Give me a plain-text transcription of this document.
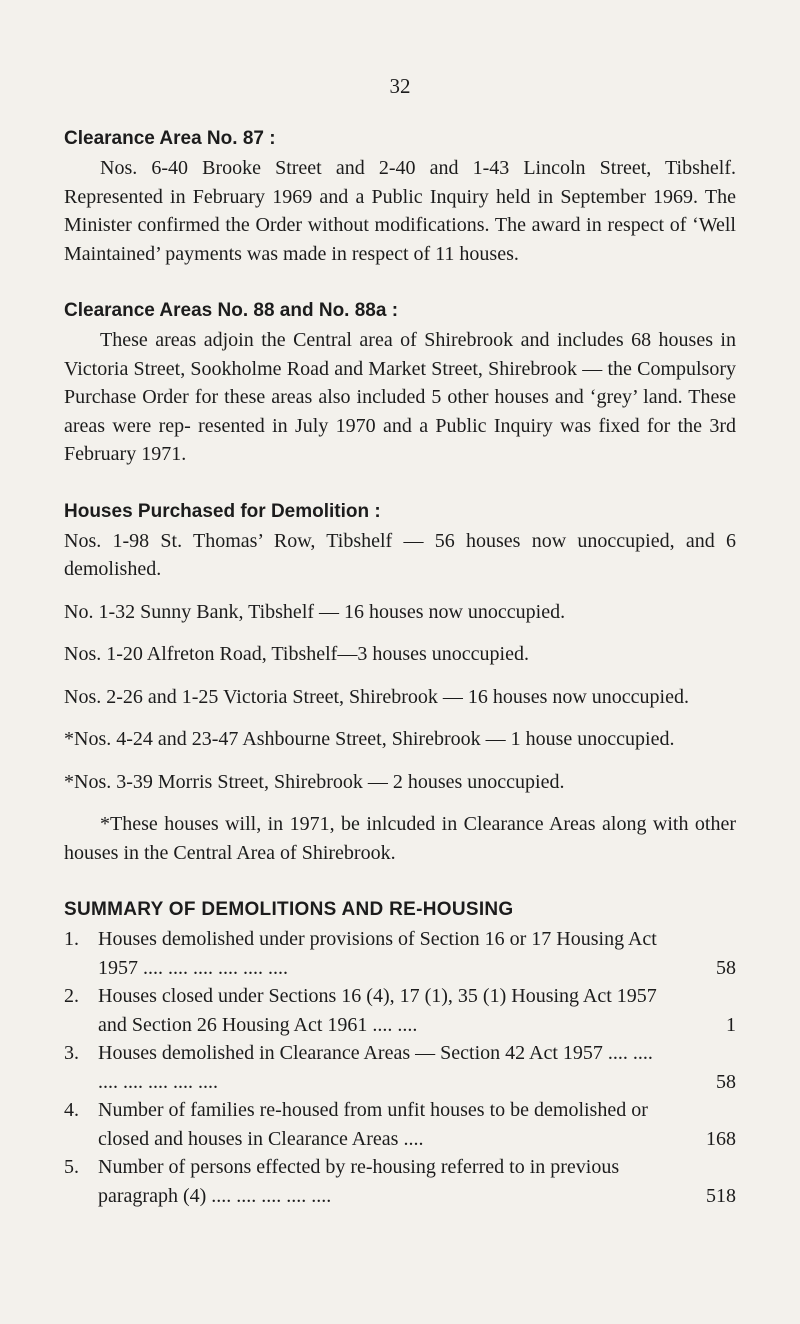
32

Clearance Area No. 87 :

Nos. 6-40 Brooke Street and 2-40 and 1-43 Lincoln Street, Tibshelf. Represented in February 1969 and a Public Inquiry held in September 1969. The Minister confirmed the Order without modifications. The award in respect of ‘Well Maintained’ payments was made in respect of 11 houses.

Clearance Areas No. 88 and No. 88a :

These areas adjoin the Central area of Shirebrook and includes 68 houses in Victoria Street, Sookholme Road and Market Street, Shirebrook — the Compulsory Purchase Order for these areas also included 5 other houses and ‘grey’ land. These areas were rep- resented in July 1970 and a Public Inquiry was fixed for the 3rd February 1971.

Houses Purchased for Demolition :

Nos. 1-98 St. Thomas’ Row, Tibshelf — 56 houses now unoccupied, and 6 demolished.

No. 1-32 Sunny Bank, Tibshelf — 16 houses now unoccupied.

Nos. 1-20 Alfreton Road, Tibshelf—3 houses unoccupied.

Nos. 2-26 and 1-25 Victoria Street, Shirebrook — 16 houses now unoccupied.

*Nos. 4-24 and 23-47 Ashbourne Street, Shirebrook — 1 house unoccupied.

*Nos. 3-39 Morris Street, Shirebrook — 2 houses unoccupied.

*These houses will, in 1971, be inlcuded in Clearance Areas along with other houses in the Central Area of Shirebrook.

SUMMARY OF DEMOLITIONS AND RE-HOUSING

1. Houses demolished under provisions of Section 16 or 17 Housing Act 1957 .... .... .... .... .... ....	58
2. Houses closed under Sections 16 (4), 17 (1), 35 (1) Housing Act 1957 and Section 26 Housing Act 1961 .... ....	1
3. Houses demolished in Clearance Areas — Section 42 Act 1957 .... .... .... .... .... .... ....	58
4. Number of families re-housed from unfit houses to be demolished or closed and houses in Clearance Areas ....	168
5. Number of persons effected by re-housing referred to in previous paragraph (4) .... .... .... .... ....	518
